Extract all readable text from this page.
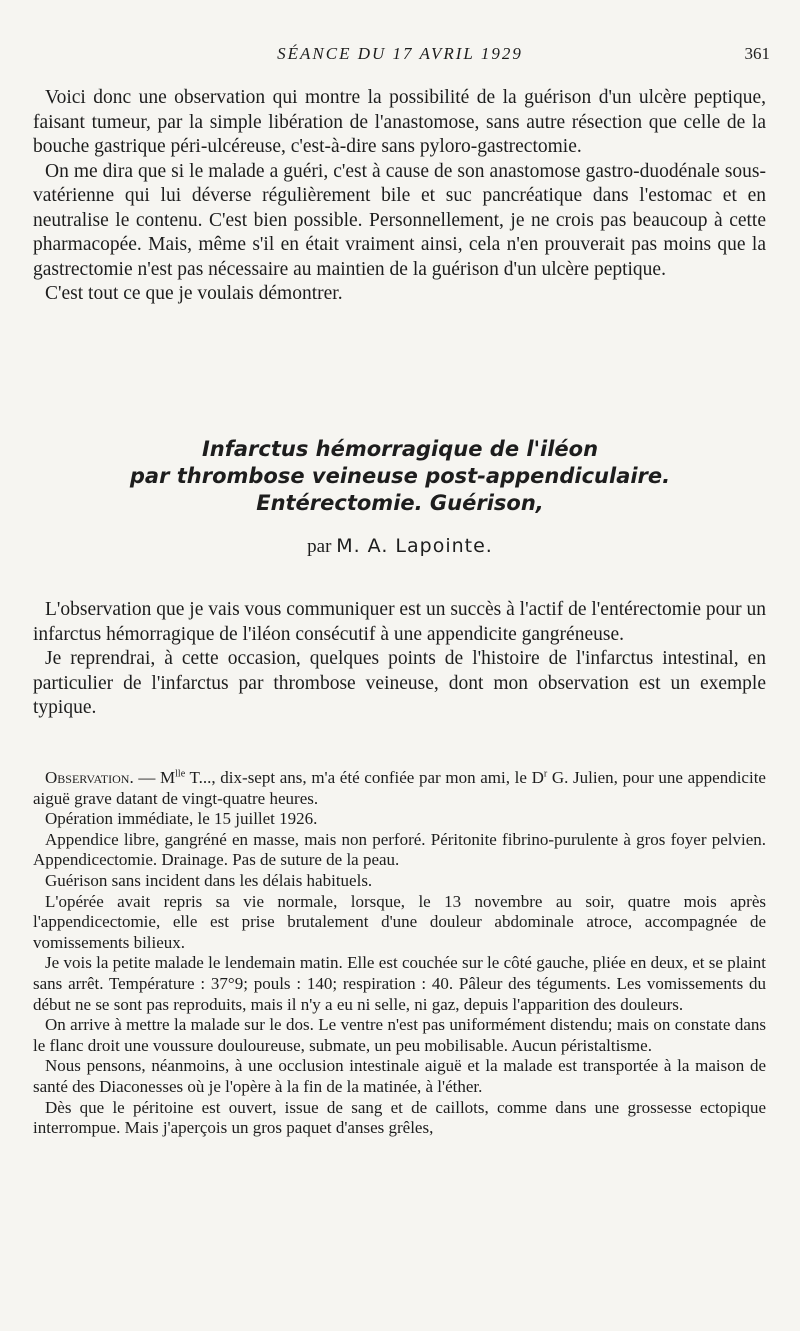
SÉANCE DU 17 AVRIL 1929	361

Voici donc une observation qui montre la possibilité de la guérison d'un ulcère peptique, faisant tumeur, par la simple libération de l'anastomose, sans autre résection que celle de la bouche gastrique péri-ulcéreuse, c'est-à-dire sans pyloro-gastrectomie.

On me dira que si le malade a guéri, c'est à cause de son anastomose gastro-duodénale sous-vatérienne qui lui déverse régulièrement bile et suc pancréatique dans l'estomac et en neutralise le contenu. C'est bien possible. Personnellement, je ne crois pas beaucoup à cette pharmacopée. Mais, même s'il en était vraiment ainsi, cela n'en prouverait pas moins que la gastrectomie n'est pas nécessaire au maintien de la guérison d'un ulcère peptique.

C'est tout ce que je voulais démontrer.

Infarctus hémorragique de l'iléon
par thrombose veineuse post-appendiculaire.
Entérectomie. Guérison,
par M. A. Lapointe.

L'observation que je vais vous communiquer est un succès à l'actif de l'entérectomie pour un infarctus hémorragique de l'iléon consécutif à une appendicite gangréneuse.

Je reprendrai, à cette occasion, quelques points de l'histoire de l'infarctus intestinal, en particulier de l'infarctus par thrombose veineuse, dont mon observation est un exemple typique.

Observation. — $M^{lle}$ T..., dix-sept ans, m'a été confiée par mon ami, le $D^r$ G. Julien, pour une appendicite aiguë grave datant de vingt-quatre heures.

Opération immédiate, le 15 juillet 1926.

Appendice libre, gangréné en masse, mais non perforé. Péritonite fibrino-purulente à gros foyer pelvien. Appendicectomie. Drainage. Pas de suture de la peau.

Guérison sans incident dans les délais habituels.

L'opérée avait repris sa vie normale, lorsque, le 13 novembre au soir, quatre mois après l'appendicectomie, elle est prise brutalement d'une douleur abdominale atroce, accompagnée de vomissements bilieux.

Je vois la petite malade le lendemain matin. Elle est couchée sur le côté gauche, pliée en deux, et se plaint sans arrêt. Température : 37°9; pouls : 140; respiration : 40. Pâleur des téguments. Les vomissements du début ne se sont pas reproduits, mais il n'y a eu ni selle, ni gaz, depuis l'apparition des douleurs.

On arrive à mettre la malade sur le dos. Le ventre n'est pas uniformément distendu; mais on constate dans le flanc droit une voussure douloureuse, submate, un peu mobilisable. Aucun péristaltisme.

Nous pensons, néanmoins, à une occlusion intestinale aiguë et la malade est transportée à la maison de santé des Diaconesses où je l'opère à la fin de la matinée, à l'éther.

Dès que le péritoine est ouvert, issue de sang et de caillots, comme dans une grossesse ectopique interrompue. Mais j'aperçois un gros paquet d'anses grêles,
